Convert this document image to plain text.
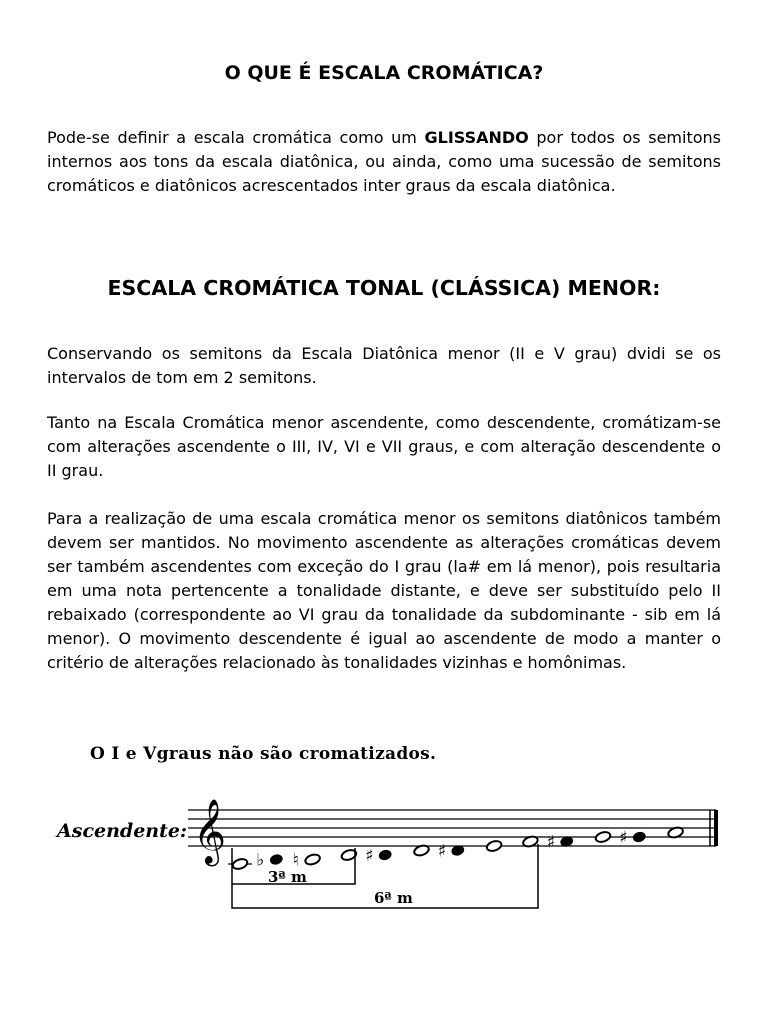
O QUE É ESCALA CROMÁTICA?

Pode-se definir a escala cromática como um GLISSANDO por todos os semitons internos aos tons da escala diatônica, ou ainda, como uma sucessão de semitons cromáticos e diatônicos acrescentados inter graus da escala diatônica.

ESCALA CROMÁTICA TONAL (CLÁSSICA) MENOR:

Conservando os semitons da Escala Diatônica menor (II e V grau) dvidi se os intervalos de tom em 2 semitons.

Tanto na Escala Cromática menor ascendente, como descendente, cromátizam-se com alterações ascendente o III, IV, VI e VII graus, e com alteração descendente o II grau.

Para a realização de uma escala cromática menor os semitons diatônicos também devem ser mantidos. No movimento ascendente as alterações cromáticas devem ser também ascendentes com exceção do I grau (la# em lá menor), pois resultaria em uma nota pertencente a tonalidade distante, e deve ser substituído pelo II rebaixado (correspondente ao VI grau da tonalidade da subdominante - sib em lá menor). O movimento descendente é igual ao ascendente de modo a manter o critério de alterações relacionado às tonalidades vizinhas e homônimas.

O I e Vgraus não são cromatizados.
Ascendente: 𝄞 ♭ ♮	♯	♯	♯	♯
3ª m
6ª m
